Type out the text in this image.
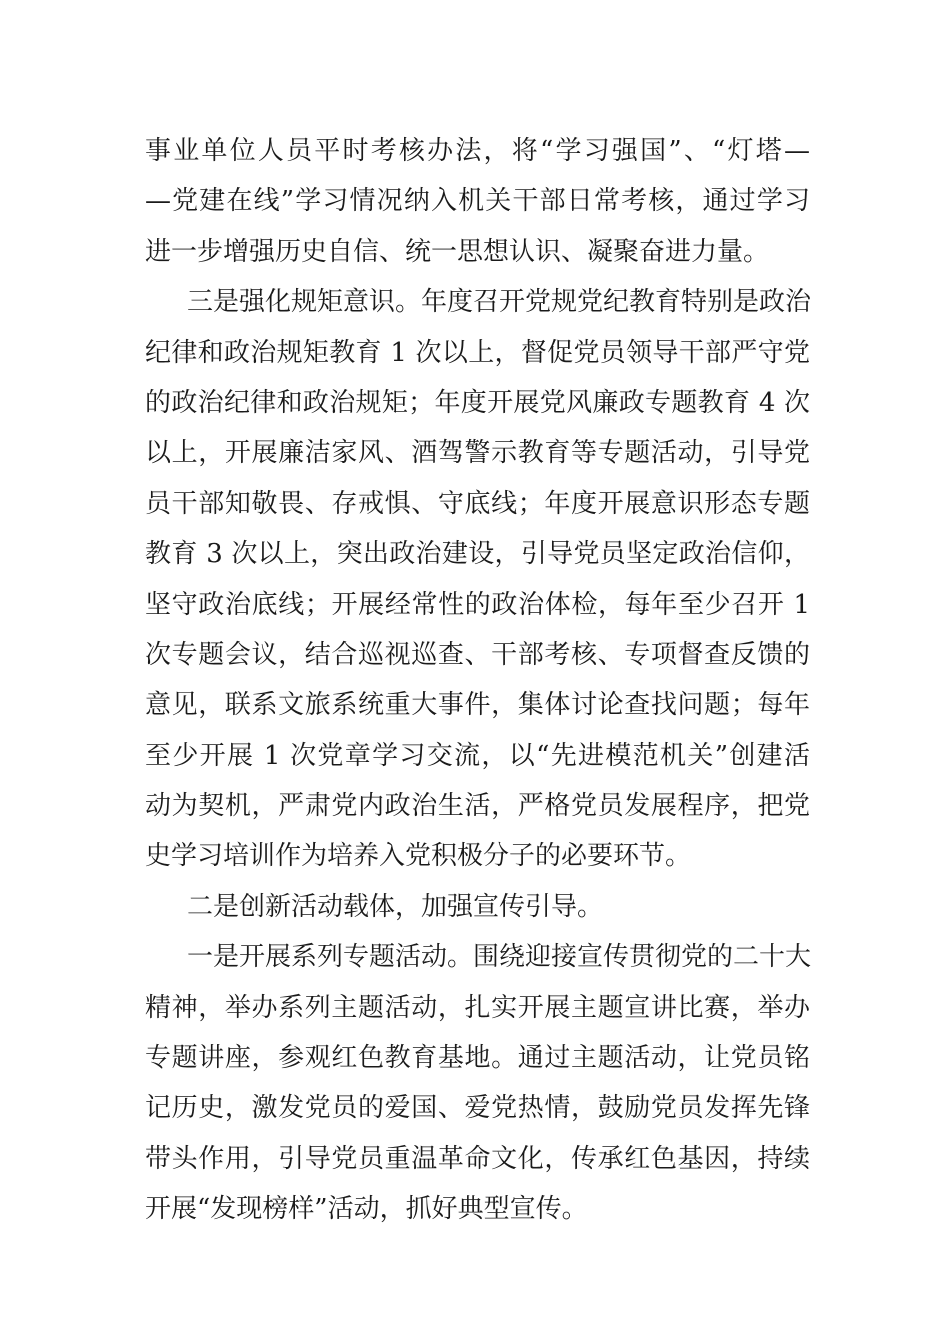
事业单位人员平时考核办法，将“学习强国”、“灯塔—
—党建在线”学习情况纳入机关干部日常考核，通过学习
进一步增强历史自信、统一思想认识、凝聚奋进力量。
三是强化规矩意识。年度召开党规党纪教育特别是政治
纪律和政治规矩教育 1 次以上，督促党员领导干部严守党
的政治纪律和政治规矩；年度开展党风廉政专题教育 4 次
以上，开展廉洁家风、酒驾警示教育等专题活动，引导党
员干部知敬畏、存戒惧、守底线；年度开展意识形态专题
教育 3 次以上，突出政治建设，引导党员坚定政治信仰，
坚守政治底线；开展经常性的政治体检，每年至少召开 1
次专题会议，结合巡视巡查、干部考核、专项督查反馈的
意见，联系文旅系统重大事件，集体讨论查找问题；每年
至少开展 1 次党章学习交流，以“先进模范机关”创建活
动为契机，严肃党内政治生活，严格党员发展程序，把党
史学习培训作为培养入党积极分子的必要环节。
二是创新活动载体，加强宣传引导。
一是开展系列专题活动。围绕迎接宣传贯彻党的二十大
精神，举办系列主题活动，扎实开展主题宣讲比赛，举办
专题讲座，参观红色教育基地。通过主题活动，让党员铭
记历史，激发党员的爱国、爱党热情，鼓励党员发挥先锋
带头作用，引导党员重温革命文化，传承红色基因，持续
开展“发现榜样”活动，抓好典型宣传。
